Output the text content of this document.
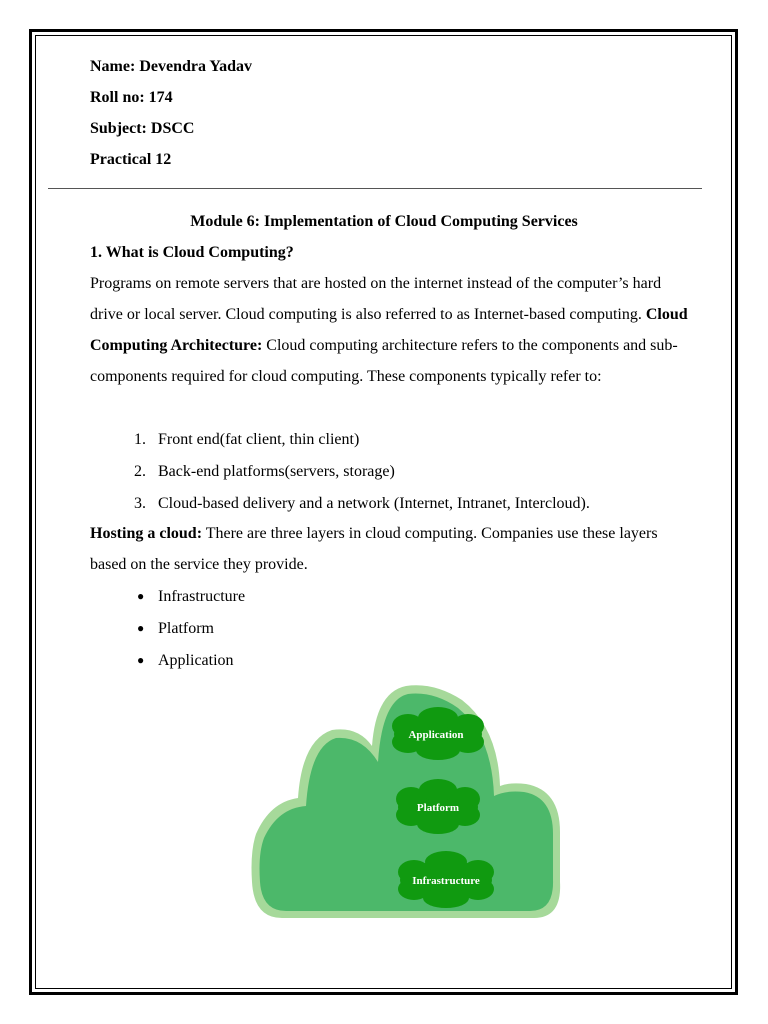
Name: Devendra Yadav
Roll no: 174
Subject: DSCC
Practical 12
Module 6: Implementation of Cloud Computing Services
1. What is Cloud Computing?
Programs on remote servers that are hosted on the internet instead of the computer’s hard drive or local server. Cloud computing is also referred to as Internet-based computing. Cloud Computing Architecture: Cloud computing architecture refers to the components and sub-components required for cloud computing. These components typically refer to:
1. Front end(fat client, thin client)
2. Back-end platforms(servers, storage)
3. Cloud-based delivery and a network (Internet, Intranet, Intercloud).
Hosting a cloud: There are three layers in cloud computing. Companies use these layers based on the service they provide.
● Infrastructure
● Platform
● Application
Application
Platform
Infrastructure
